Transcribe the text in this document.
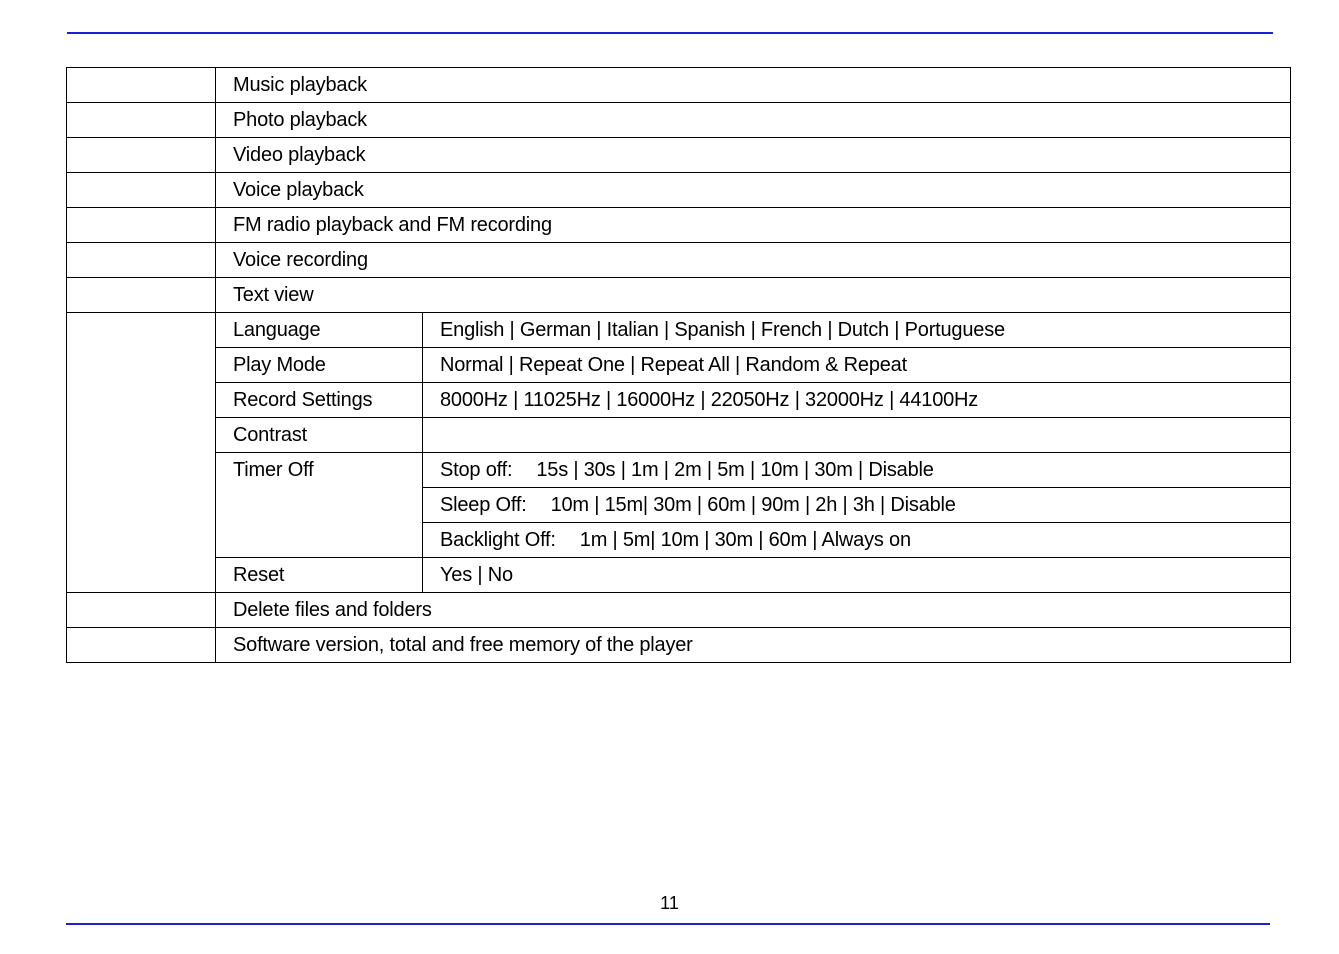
	Music playback	
	Photo playback	
	Video playback	
	Voice playback	
	FM radio playback and FM recording	
	Voice recording	
	Text view	
	Language	English | German | Italian | Spanish | French | Dutch | Portuguese
	Play Mode	Normal | Repeat One | Repeat All | Random & Repeat
	Record Settings	8000Hz | 11025Hz | 16000Hz | 22050Hz | 32000Hz | 44100Hz
	Contrast	
	Timer Off	Stop off: 15s | 30s | 1m | 2m | 5m | 10m | 30m | Disable
		Sleep Off: 10m | 15m| 30m | 60m | 90m | 2h | 3h | Disable
		Backlight Off: 1m | 5m| 10m | 30m | 60m | Always on
	Reset	Yes | No
	Delete files and folders	
	Software version, total and free memory of the player	
11
